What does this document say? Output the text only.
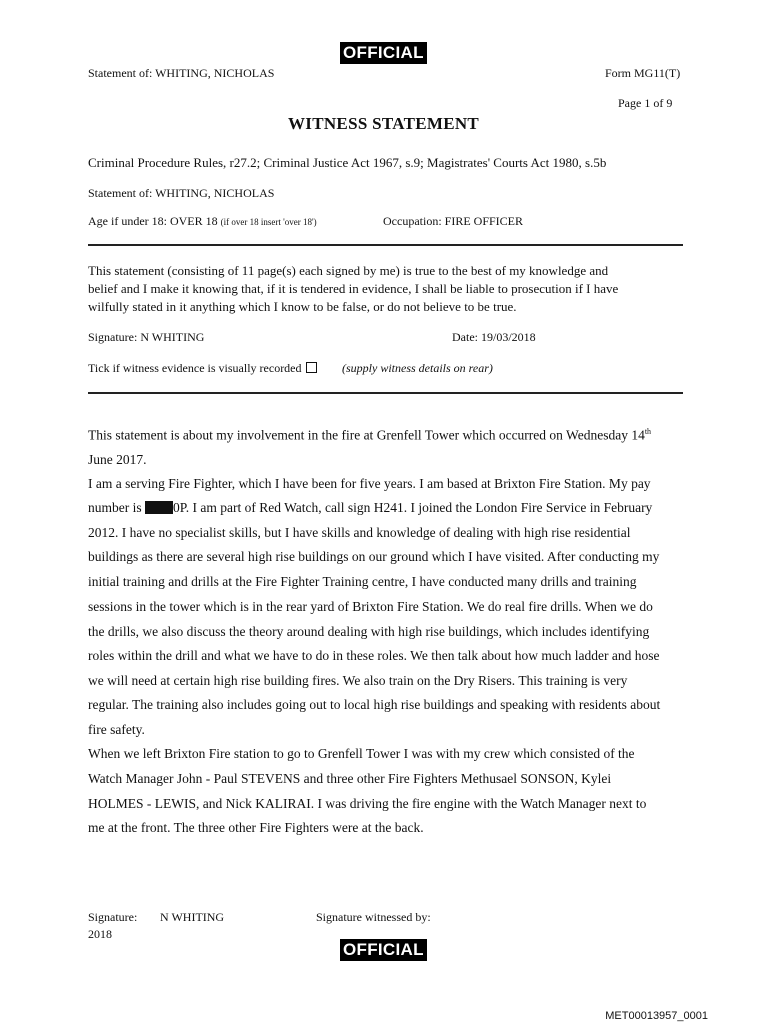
OFFICIAL
Statement of: WHITING, NICHOLAS	Form MG11(T)
Page 1 of 9
WITNESS STATEMENT
Criminal Procedure Rules, r27.2; Criminal Justice Act 1967, s.9; Magistrates' Courts Act 1980, s.5b
Statement of: WHITING, NICHOLAS
Age if under 18: OVER 18 (if over 18 insert 'over 18')	Occupation: FIRE OFFICER
This statement (consisting of 11 page(s) each signed by me) is true to the best of my knowledge and
belief and I make it knowing that, if it is tendered in evidence, I shall be liable to prosecution if I have
wilfully stated in it anything which I know to be false, or do not believe to be true.
Signature: N WHITING	Date: 19/03/2018
Tick if witness evidence is visually recorded	(supply witness details on rear)
This statement is about my involvement in the fire at Grenfell Tower which occurred on Wednesday 14th
June 2017.
I am a serving Fire Fighter, which I have been for five years. I am based at Brixton Fire Station. My pay
number is 0P. I am part of Red Watch, call sign H241. I joined the London Fire Service in February
2012. I have no specialist skills, but I have skills and knowledge of dealing with high rise residential
buildings as there are several high rise buildings on our ground which I have visited. After conducting my
initial training and drills at the Fire Fighter Training centre, I have conducted many drills and training
sessions in the tower which is in the rear yard of Brixton Fire Station. We do real fire drills. When we do
the drills, we also discuss the theory around dealing with high rise buildings, which includes identifying
roles within the drill and what we have to do in these roles. We then talk about how much ladder and hose
we will need at certain high rise building fires. We also train on the Dry Risers. This training is very
regular. The training also includes going out to local high rise buildings and speaking with residents about
fire safety.
When we left Brixton Fire station to go to Grenfell Tower I was with my crew which consisted of the
Watch Manager John - Paul STEVENS and three other Fire Fighters Methusael SONSON, Kylei
HOLMES - LEWIS, and Nick KALIRAI. I was driving the fire engine with the Watch Manager next to
me at the front. The three other Fire Fighters were at the back.
Signature: N WHITING
2018
Signature witnessed by:
OFFICIAL
MET00013957_0001
